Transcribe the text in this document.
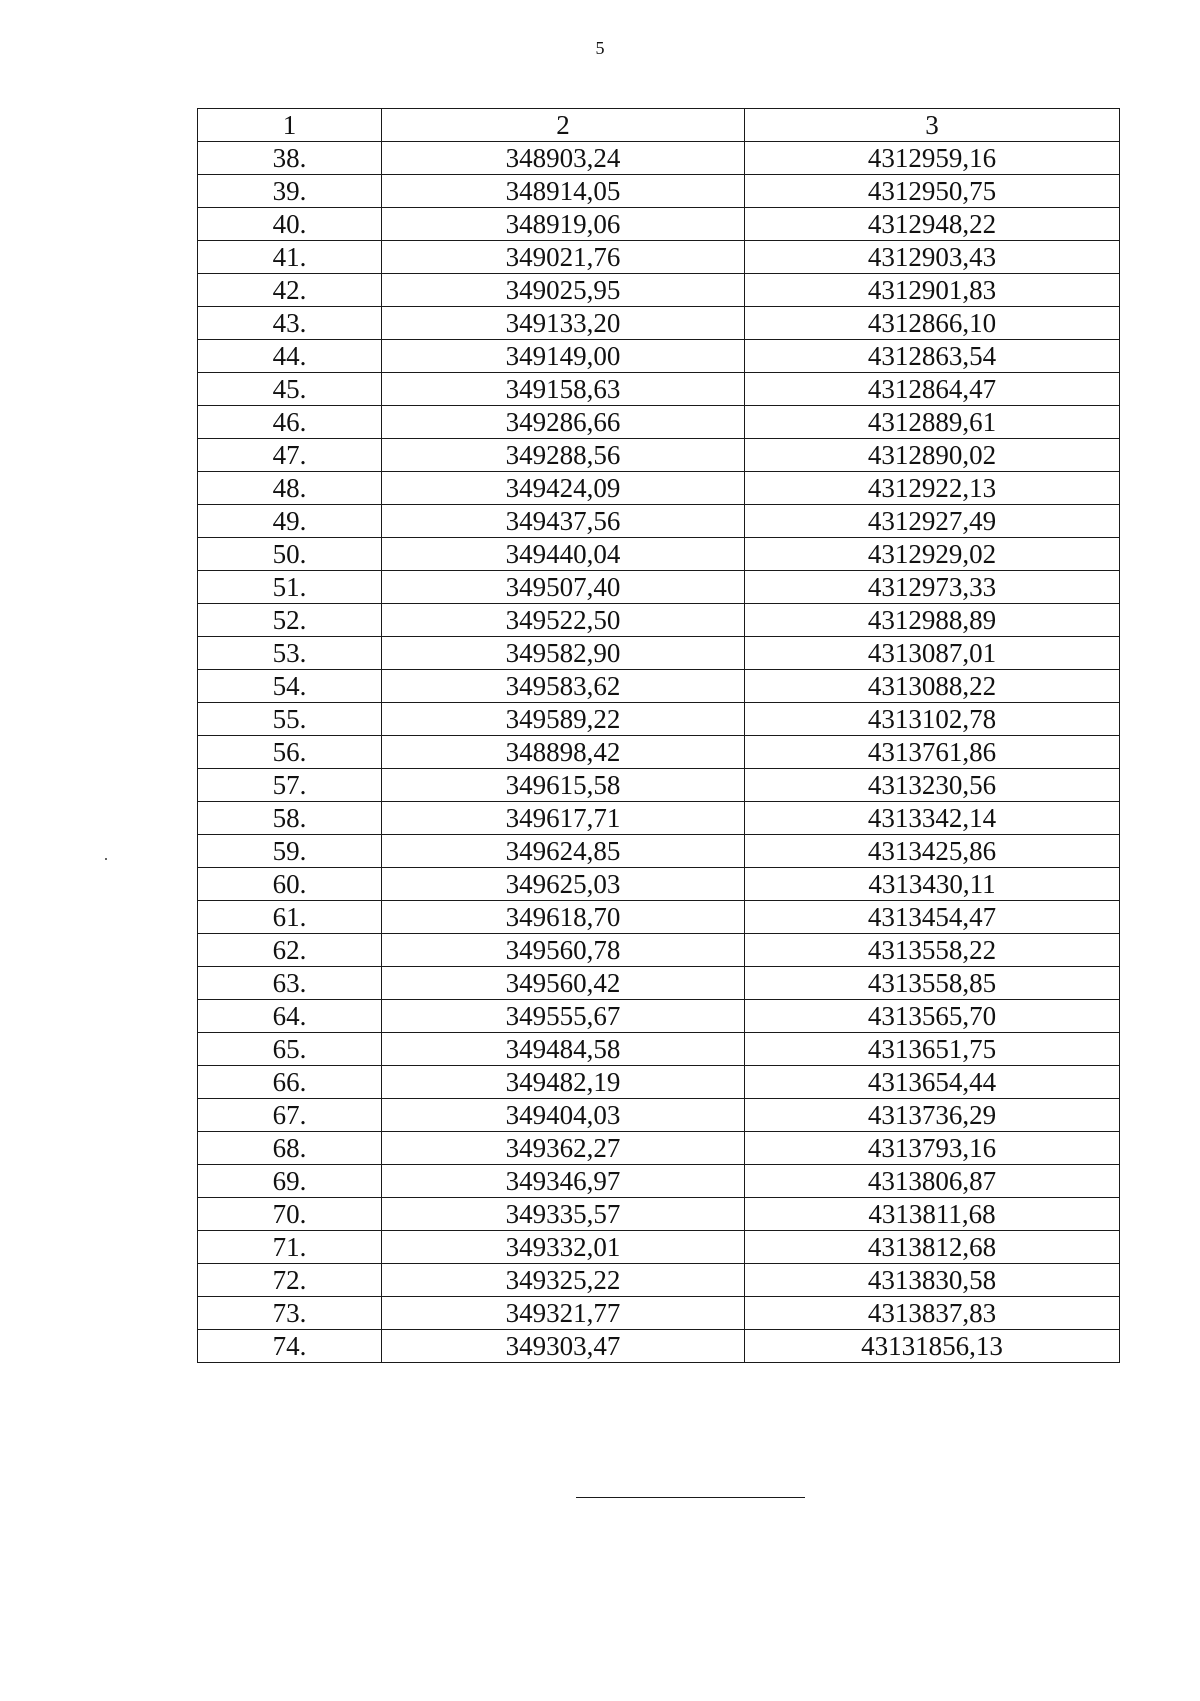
5
1	2	3
38.	348903,24	4312959,16
39.	348914,05	4312950,75
40.	348919,06	4312948,22
41.	349021,76	4312903,43
42.	349025,95	4312901,83
43.	349133,20	4312866,10
44.	349149,00	4312863,54
45.	349158,63	4312864,47
46.	349286,66	4312889,61
47.	349288,56	4312890,02
48.	349424,09	4312922,13
49.	349437,56	4312927,49
50.	349440,04	4312929,02
51.	349507,40	4312973,33
52.	349522,50	4312988,89
53.	349582,90	4313087,01
54.	349583,62	4313088,22
55.	349589,22	4313102,78
56.	348898,42	4313761,86
57.	349615,58	4313230,56
58.	349617,71	4313342,14
59.	349624,85	4313425,86
60.	349625,03	4313430,11
61.	349618,70	4313454,47
62.	349560,78	4313558,22
63.	349560,42	4313558,85
64.	349555,67	4313565,70
65.	349484,58	4313651,75
66.	349482,19	4313654,44
67.	349404,03	4313736,29
68.	349362,27	4313793,16
69.	349346,97	4313806,87
70.	349335,57	4313811,68
71.	349332,01	4313812,68
72.	349325,22	4313830,58
73.	349321,77	4313837,83
74.	349303,47	43131856,13
